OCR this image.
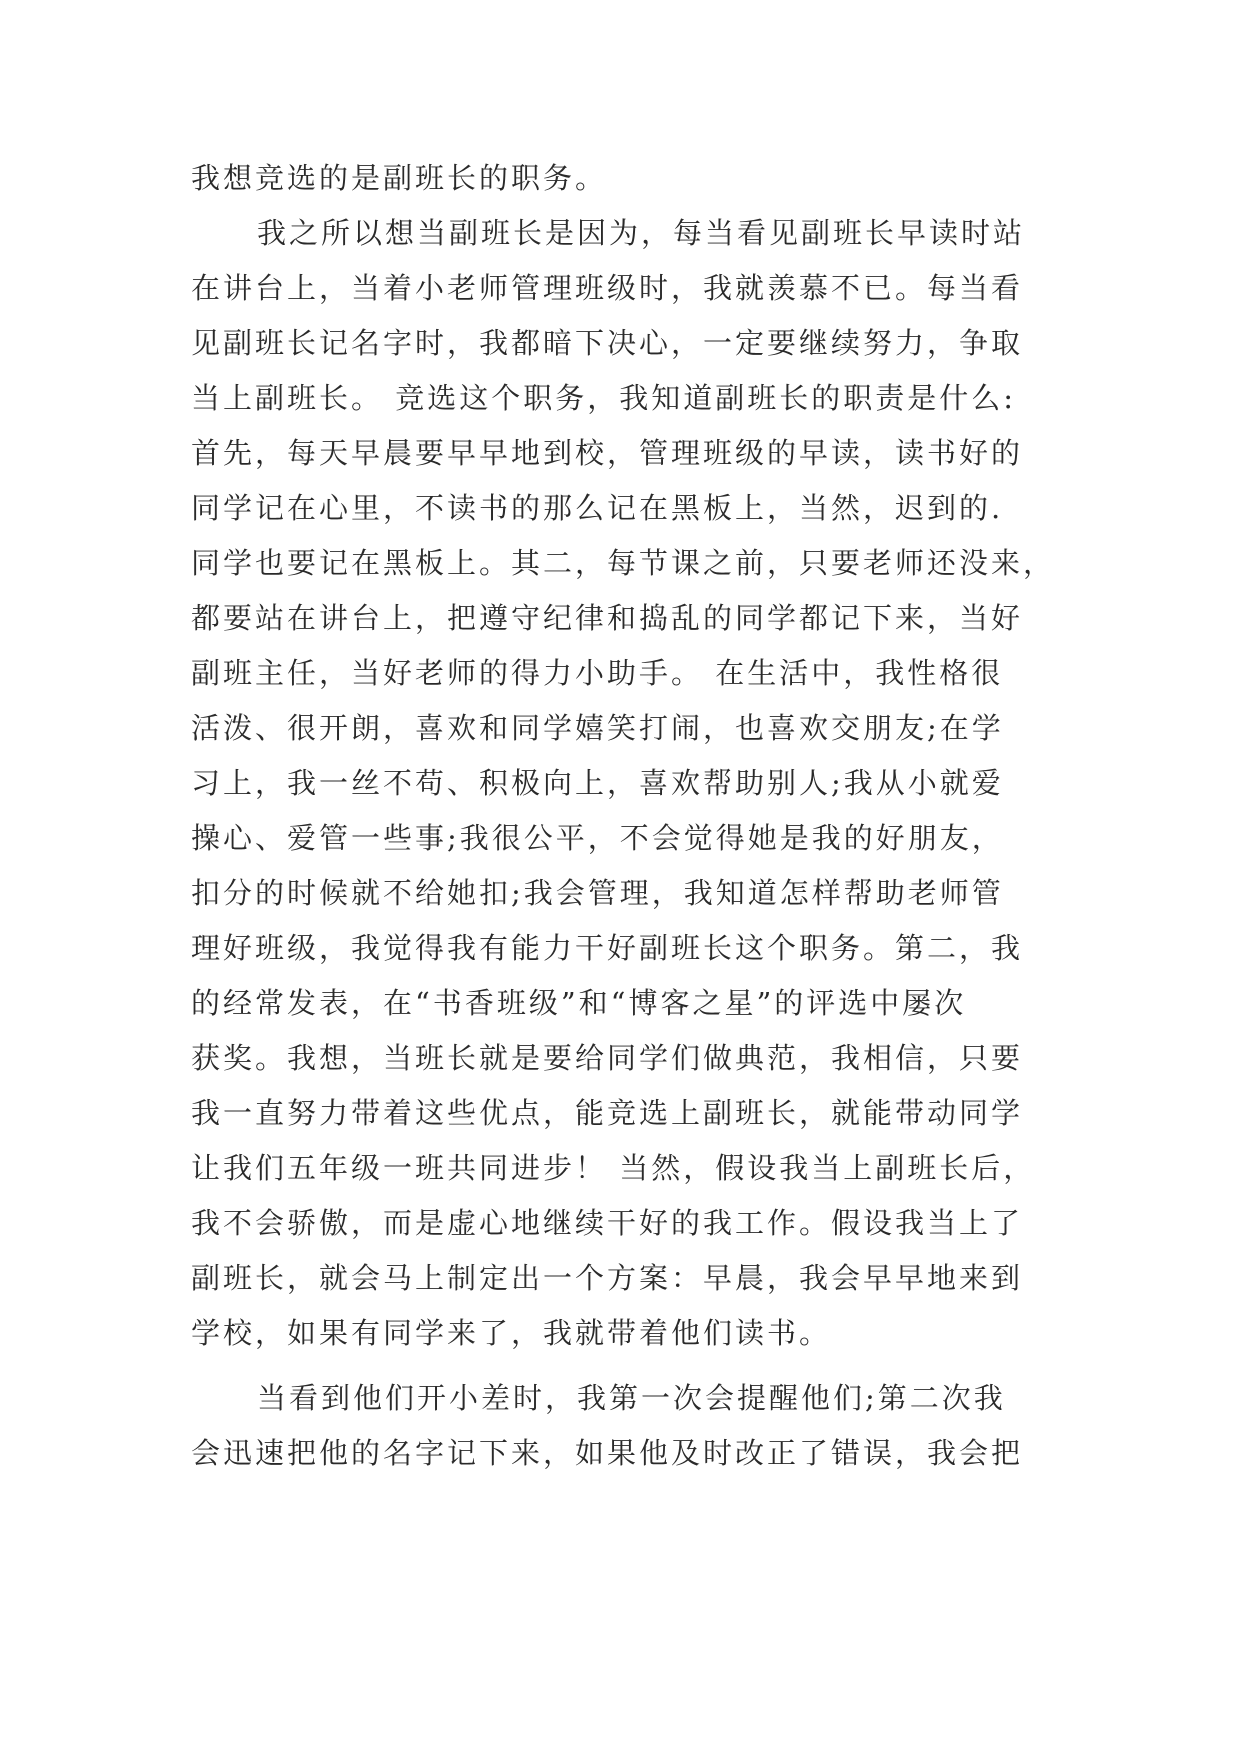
我想竞选的是副班长的职务。
我之所以想当副班长是因为，每当看见副班长早读时站
在讲台上，当着小老师管理班级时，我就羡慕不已。每当看
见副班长记名字时，我都暗下决心，一定要继续努力，争取
当上副班长。 竞选这个职务，我知道副班长的职责是什么:
首先，每天早晨要早早地到校，管理班级的早读，读书好的
同学记在心里，不读书的那么记在黑板上，当然，迟到的.
同学也要记在黑板上。其二，每节课之前，只要老师还没来，
都要站在讲台上，把遵守纪律和捣乱的同学都记下来，当好
副班主任，当好老师的得力小助手。 在生活中，我性格很
活泼、很开朗，喜欢和同学嬉笑打闹，也喜欢交朋友;在学
习上，我一丝不苟、积极向上，喜欢帮助别人;我从小就爱
操心、爱管一些事;我很公平，不会觉得她是我的好朋友，
扣分的时候就不给她扣;我会管理，我知道怎样帮助老师管
理好班级，我觉得我有能力干好副班长这个职务。第二，我
的经常发表，在“书香班级”和“博客之星”的评选中屡次
获奖。我想，当班长就是要给同学们做典范，我相信，只要
我一直努力带着这些优点，能竞选上副班长，就能带动同学
让我们五年级一班共同进步！ 当然，假设我当上副班长后，
我不会骄傲，而是虚心地继续干好的我工作。假设我当上了
副班长，就会马上制定出一个方案：早晨，我会早早地来到
学校，如果有同学来了，我就带着他们读书。
当看到他们开小差时，我第一次会提醒他们;第二次我
会迅速把他的名字记下来，如果他及时改正了错误，我会把
